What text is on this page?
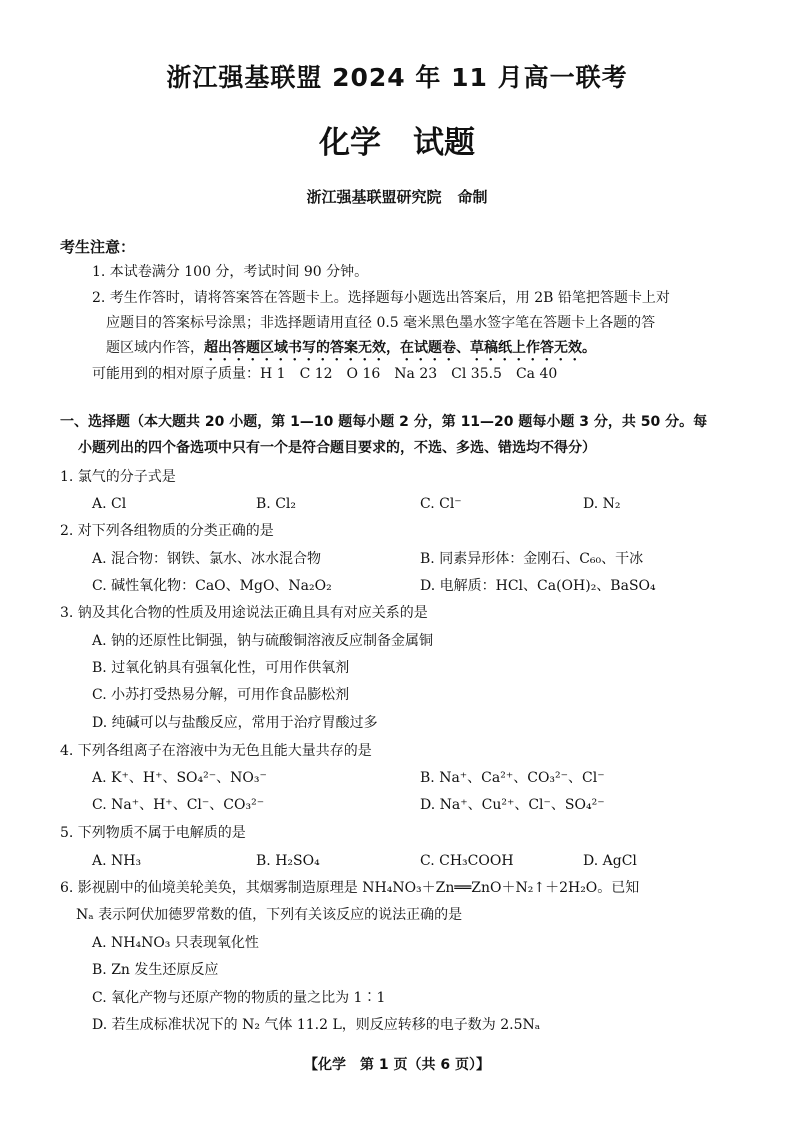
浙江强基联盟 2024 年 11 月高一联考
化学 试题
浙江强基联盟研究院 命制
考生注意：
1. 本试卷满分 100 分，考试时间 90 分钟。
2. 考生作答时，请将答案答在答题卡上。选择题每小题选出答案后，用 2B 铅笔把答题卡上对
应题目的答案标号涂黑；非选择题请用直径 0.5 毫米黑色墨水签字笔在答题卡上各题的答
题区域内作答，超出答题区域书写的答案无效，在试题卷、草稿纸上作答无效。
可能用到的相对原子质量：H 1　C 12　O 16　Na 23　Cl 35.5　Ca 40
一、选择题（本大题共 20 小题，第 1—10 题每小题 2 分，第 11—20 题每小题 3 分，共 50 分。每
小题列出的四个备选项中只有一个是符合题目要求的，不选、多选、错选均不得分）
1. 氯气的分子式是
A. Cl	B. Cl₂	C. Cl⁻	D. N₂
2. 对下列各组物质的分类正确的是
A. 混合物：钢铁、氯水、冰水混合物	B. 同素异形体：金刚石、C₆₀、干冰
C. 碱性氧化物：CaO、MgO、Na₂O₂	D. 电解质：HCl、Ca(OH)₂、BaSO₄
3. 钠及其化合物的性质及用途说法正确且具有对应关系的是
A. 钠的还原性比铜强，钠与硫酸铜溶液反应制备金属铜
B. 过氧化钠具有强氧化性，可用作供氧剂
C. 小苏打受热易分解，可用作食品膨松剂
D. 纯碱可以与盐酸反应，常用于治疗胃酸过多
4. 下列各组离子在溶液中为无色且能大量共存的是
A. K⁺、H⁺、SO₄²⁻、NO₃⁻	B. Na⁺、Ca²⁺、CO₃²⁻、Cl⁻
C. Na⁺、H⁺、Cl⁻、CO₃²⁻	D. Na⁺、Cu²⁺、Cl⁻、SO₄²⁻
5. 下列物质不属于电解质的是
A. NH₃	B. H₂SO₄	C. CH₃COOH	D. AgCl
6. 影视剧中的仙境美轮美奂，其烟雾制造原理是 NH₄NO₃＋Zn══ZnO＋N₂↑＋2H₂O。已知
Nₐ 表示阿伏加德罗常数的值，下列有关该反应的说法正确的是
A. NH₄NO₃ 只表现氧化性
B. Zn 发生还原反应
C. 氧化产物与还原产物的物质的量之比为 1∶1
D. 若生成标准状况下的 N₂ 气体 11.2 L，则反应转移的电子数为 2.5Nₐ
【化学　第 1 页（共 6 页）】
